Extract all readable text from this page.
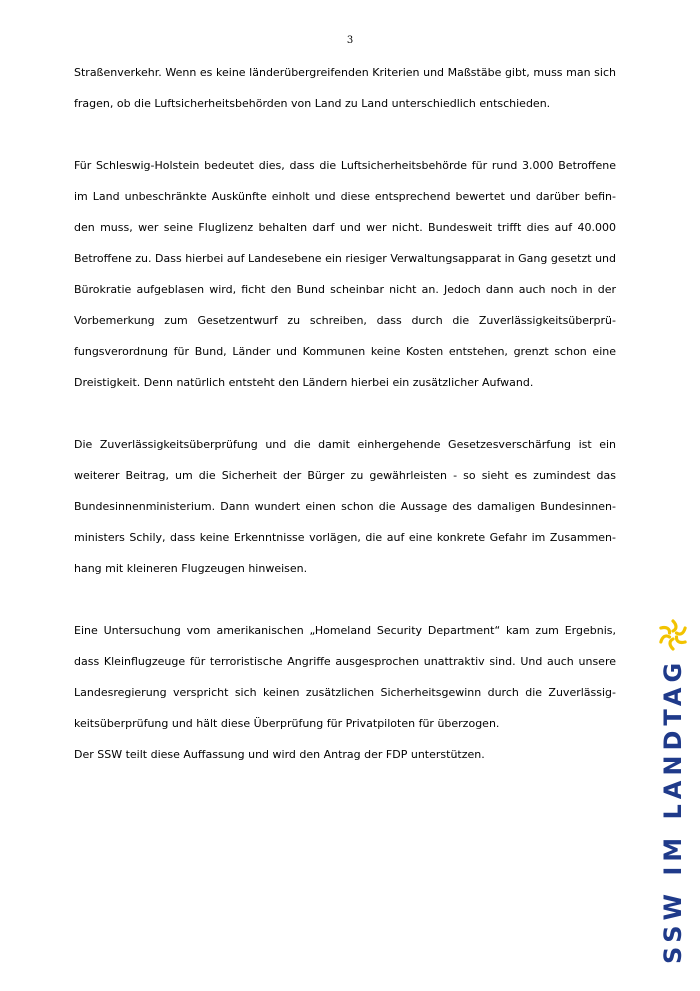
3

Straßenverkehr. Wenn es keine länderübergreifenden Kriterien und Maßstäbe gibt, muss man sich fragen, ob die Luftsicherheitsbehörden von Land zu Land unterschiedlich entschieden.

Für Schleswig-Holstein bedeutet dies, dass die Luftsicherheitsbehörde für rund 3.000 Betroffene im Land unbeschränkte Auskünfte einholt und diese entsprechend bewertet und darüber befin-den muss, wer seine Fluglizenz behalten darf und wer nicht. Bundesweit trifft dies auf 40.000 Betroffene zu. Dass hierbei auf Landesebene ein riesiger Verwaltungsapparat in Gang gesetzt und Bürokratie aufgeblasen wird, ficht den Bund scheinbar nicht an. Jedoch dann auch noch in der Vorbemerkung zum Gesetzentwurf zu schreiben, dass durch die Zuverlässigkeitsüberprü-fungsverordnung für Bund, Länder und Kommunen keine Kosten entstehen, grenzt schon eine Dreistigkeit. Denn natürlich entsteht den Ländern hierbei ein zusätzlicher Aufwand.

Die Zuverlässigkeitsüberprüfung und die damit einhergehende Gesetzesverschärfung ist ein weiterer Beitrag, um die Sicherheit der Bürger zu gewährleisten - so sieht es zumindest das Bundesinnenministerium. Dann wundert einen schon die Aussage des damaligen Bundesinnen-ministers Schily, dass keine Erkenntnisse vorlägen, die auf eine konkrete Gefahr im Zusammen-hang mit kleineren Flugzeugen hinweisen.

Eine Untersuchung vom amerikanischen „Homeland Security Department“ kam zum Ergebnis, dass Kleinflugzeuge für terroristische Angriffe ausgesprochen unattraktiv sind. Und auch unsere Landesregierung verspricht sich keinen zusätzlichen Sicherheitsgewinn durch die Zuverlässig-keitsüberprüfung und hält diese Überprüfung für Privatpiloten für überzogen.

Der SSW teilt diese Auffassung und wird den Antrag der FDP unterstützen.	SSW IM LANDTAG
